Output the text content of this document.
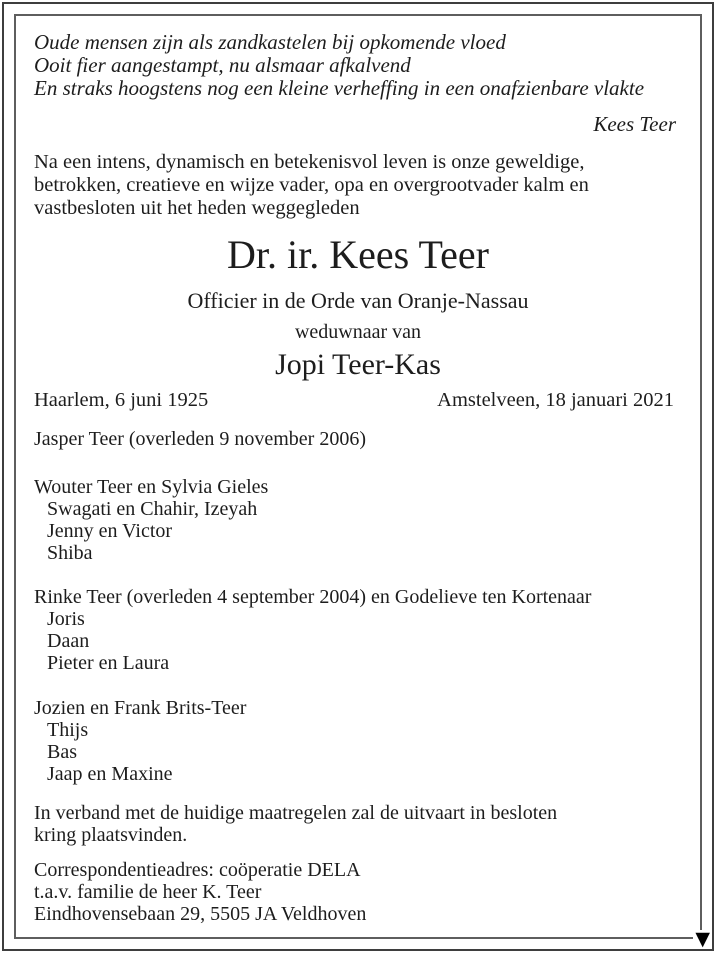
Oude mensen zijn als zandkastelen bij opkomende vloed
Ooit fier aangestampt, nu alsmaar afkalvend
En straks hoogstens nog een kleine verheffing in een onafzienbare vlakte
Kees Teer
Na een intens, dynamisch en betekenisvol leven is onze geweldige,
betrokken, creatieve en wijze vader, opa en overgrootvader kalm en
vastbesloten uit het heden weggegleden
Dr. ir. Kees Teer
Officier in de Orde van Oranje-Nassau
weduwnaar van
Jopi Teer-Kas
Haarlem, 6 juni 1925	Amstelveen, 18 januari 2021
Jasper Teer (overleden 9 november 2006)
Wouter Teer en Sylvia Gieles
Swagati en Chahir, Izeyah
Jenny en Victor
Shiba
Rinke Teer (overleden 4 september 2004) en Godelieve ten Kortenaar
Joris
Daan
Pieter en Laura
Jozien en Frank Brits-Teer
Thijs
Bas
Jaap en Maxine
In verband met de huidige maatregelen zal de uitvaart in besloten
kring plaatsvinden.
Correspondentieadres: coöperatie DELA
t.a.v. familie de heer K. Teer
Eindhovensebaan 29, 5505 JA Veldhoven
▼
